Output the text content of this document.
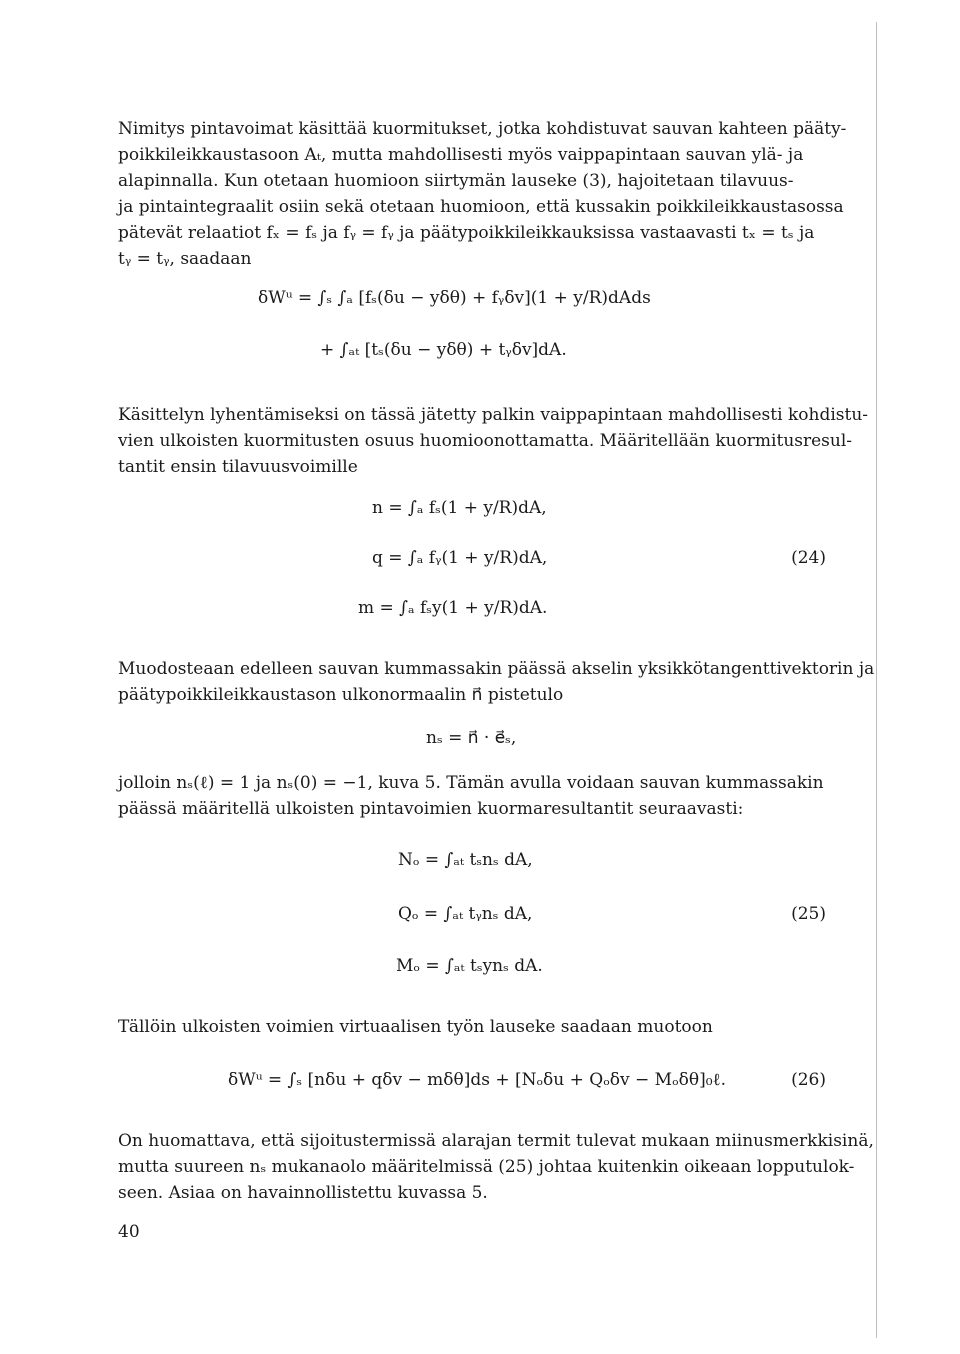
Nimitys pintavoimat käsittää kuormitukset, jotka kohdistuvat sauvan kahteen pääty-
poikkileikkaustasoon Aₜ, mutta mahdollisesti myös vaippapintaan sauvan ylä- ja
alapinnalla. Kun otetaan huomioon siirtymän lauseke (3), hajoitetaan tilavuus-
ja pintaintegraalit osiin sekä otetaan huomioon, että kussakin poikkileikkaustasossa
pätevät relaatiot fₓ = fₛ ja fᵧ = fᵧ ja päätypoikkileikkauksissa vastaavasti tₓ = tₛ ja
tᵧ = tᵧ, saadaan
δWᵘ = ∫ₛ ∫ₐ [fₛ(δu − yδθ) + fᵧδv](1 + y/R)dAds
+ ∫ₐₜ [tₛ(δu − yδθ) + tᵧδv]dA.
Käsittelyn lyhentämiseksi on tässä jätetty palkin vaippapintaan mahdollisesti kohdistu-
vien ulkoisten kuormitusten osuus huomioonottamatta. Määritellään kuormitusresul-
tantit ensin tilavuusvoimille
n = ∫ₐ fₛ(1 + y/R)dA,
q = ∫ₐ fᵧ(1 + y/R)dA,
m = ∫ₐ fₛy(1 + y/R)dA.
(24)
Muodosteaan edelleen sauvan kummassakin päässä akselin yksikkötangenttivektorin ja
päätypoikkileikkaustason ulkonormaalin n⃗ pistetulo
nₛ = n⃗ · e⃗ₛ,
jolloin nₛ(ℓ) = 1 ja nₛ(0) = −1, kuva 5. Tämän avulla voidaan sauvan kummassakin
päässä määritellä ulkoisten pintavoimien kuormaresultantit seuraavasti:
Nₒ = ∫ₐₜ tₛnₛ dA,
Qₒ = ∫ₐₜ tᵧnₛ dA,
Mₒ = ∫ₐₜ tₛynₛ dA.
(25)
Tällöin ulkoisten voimien virtuaalisen työn lauseke saadaan muotoon
δWᵘ = ∫ₛ [nδu + qδv − mδθ]ds + [Nₒδu + Qₒδv − Mₒδθ]₀ℓ.	(26)
On huomattava, että sijoitustermissä alarajan termit tulevat mukaan miinusmerkkisinä,
mutta suureen nₛ mukanaolo määritelmissä (25) johtaa kuitenkin oikeaan lopputulok-
seen. Asiaa on havainnollistettu kuvassa 5.
40
